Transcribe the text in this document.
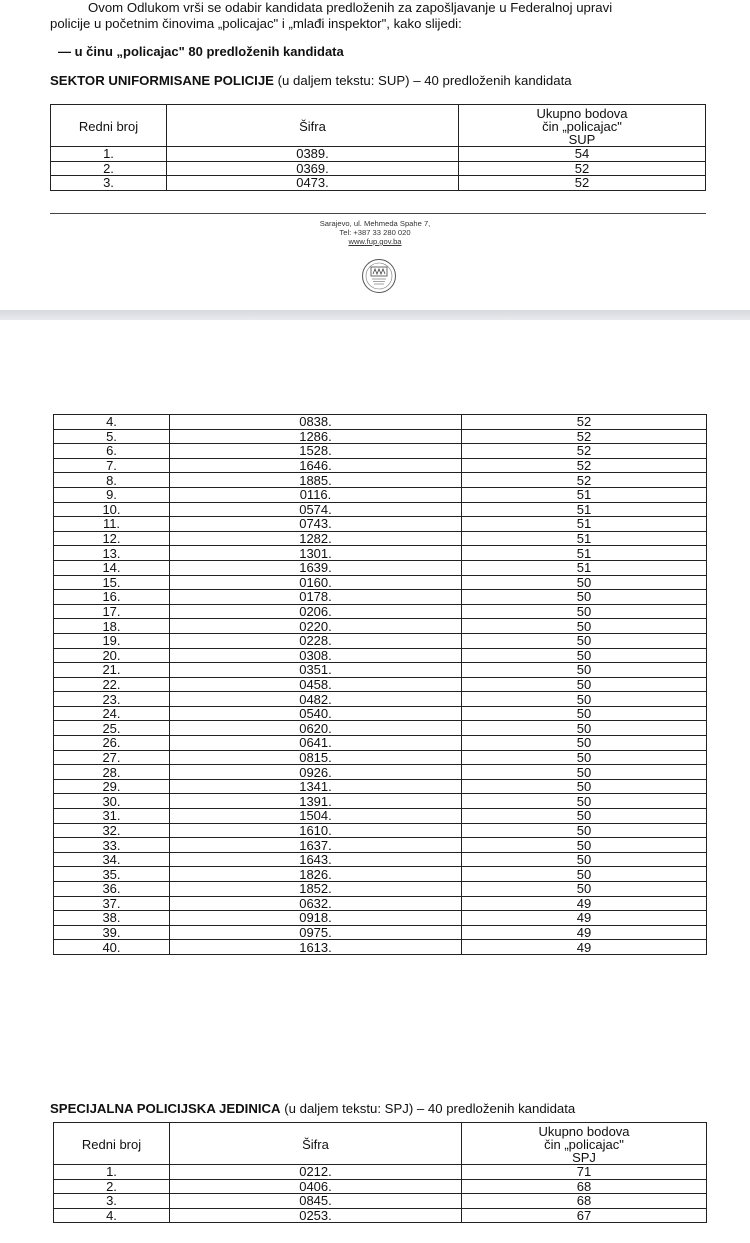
Ovom Odlukom vrši se odabir kandidata predloženih za zapošljavanje u Federalnoj upravi
policije u početnim činovima „policajac" i „mlađi inspektor", kako slijedi:
— u činu „policajac" 80 predloženih kandidata
SEKTOR UNIFORMISANE POLICIJE (u daljem tekstu: SUP) – 40 predloženih kandidata
Redni broj	Šifra	Ukupno bodova
čin „policajac"
SUP

1.	0389.	54
2.	0369.	52
3.	0473.	52
Sarajevo, ul. Mehmeda Spahe 7,
Tel: +387 33 280 020
www.fup.gov.ba
4.	0838.	52
5.	1286.	52
6.	1528.	52
7.	1646.	52
8.	1885.	52
9.	0116.	51
10.	0574.	51
11.	0743.	51
12.	1282.	51
13.	1301.	51
14.	1639.	51
15.	0160.	50
16.	0178.	50
17.	0206.	50
18.	0220.	50
19.	0228.	50
20.	0308.	50
21.	0351.	50
22.	0458.	50
23.	0482.	50
24.	0540.	50
25.	0620.	50
26.	0641.	50
27.	0815.	50
28.	0926.	50
29.	1341.	50
30.	1391.	50
31.	1504.	50
32.	1610.	50
33.	1637.	50
34.	1643.	50
35.	1826.	50
36.	1852.	50
37.	0632.	49
38.	0918.	49
39.	0975.	49
40.	1613.	49
SPECIJALNA POLICIJSKA JEDINICA (u daljem tekstu: SPJ) – 40 predloženih kandidata
Redni broj	Šifra	Ukupno bodova
čin „policajac"
SPJ

1.	0212.	71
2.	0406.	68
3.	0845.	68
4.	0253.	67
